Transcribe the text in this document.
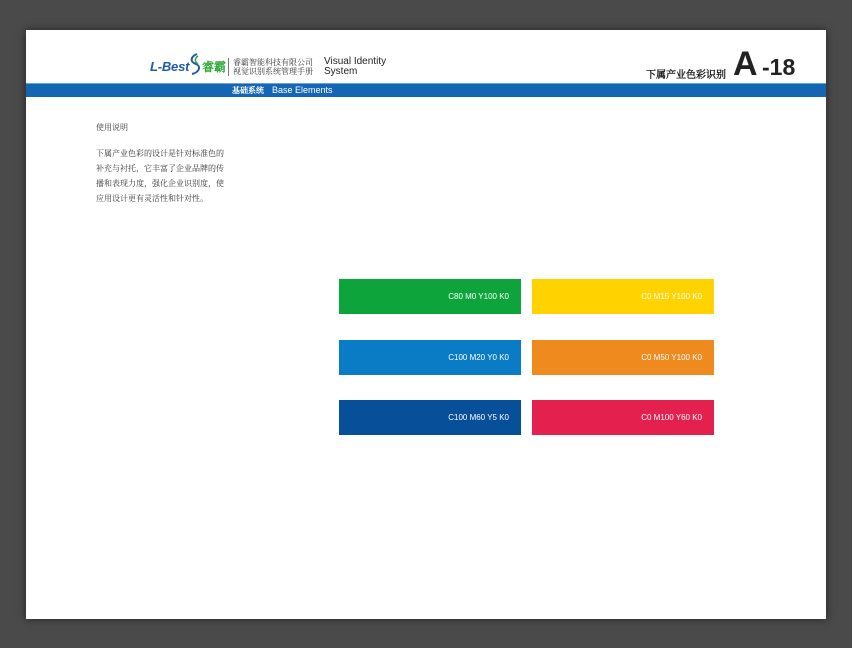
L-Best 睿霸 睿霸智能科技有限公司
视觉识别系统管理手册
Visual Identity
System	下属产业色彩识别 A -18
基础系统 Base Elements
使用说明
下属产业色彩的设计是针对标准色的补充与衬托，它丰富了企业品牌的传播和表现力度，强化企业识别度，使应用设计更有灵活性和针对性。
C80 M0 Y100 K0	C0 M15 Y100 K0
C100 M20 Y0 K0	C0 M50 Y100 K0
C100 M60 Y5 K0	C0 M100 Y60 K0
